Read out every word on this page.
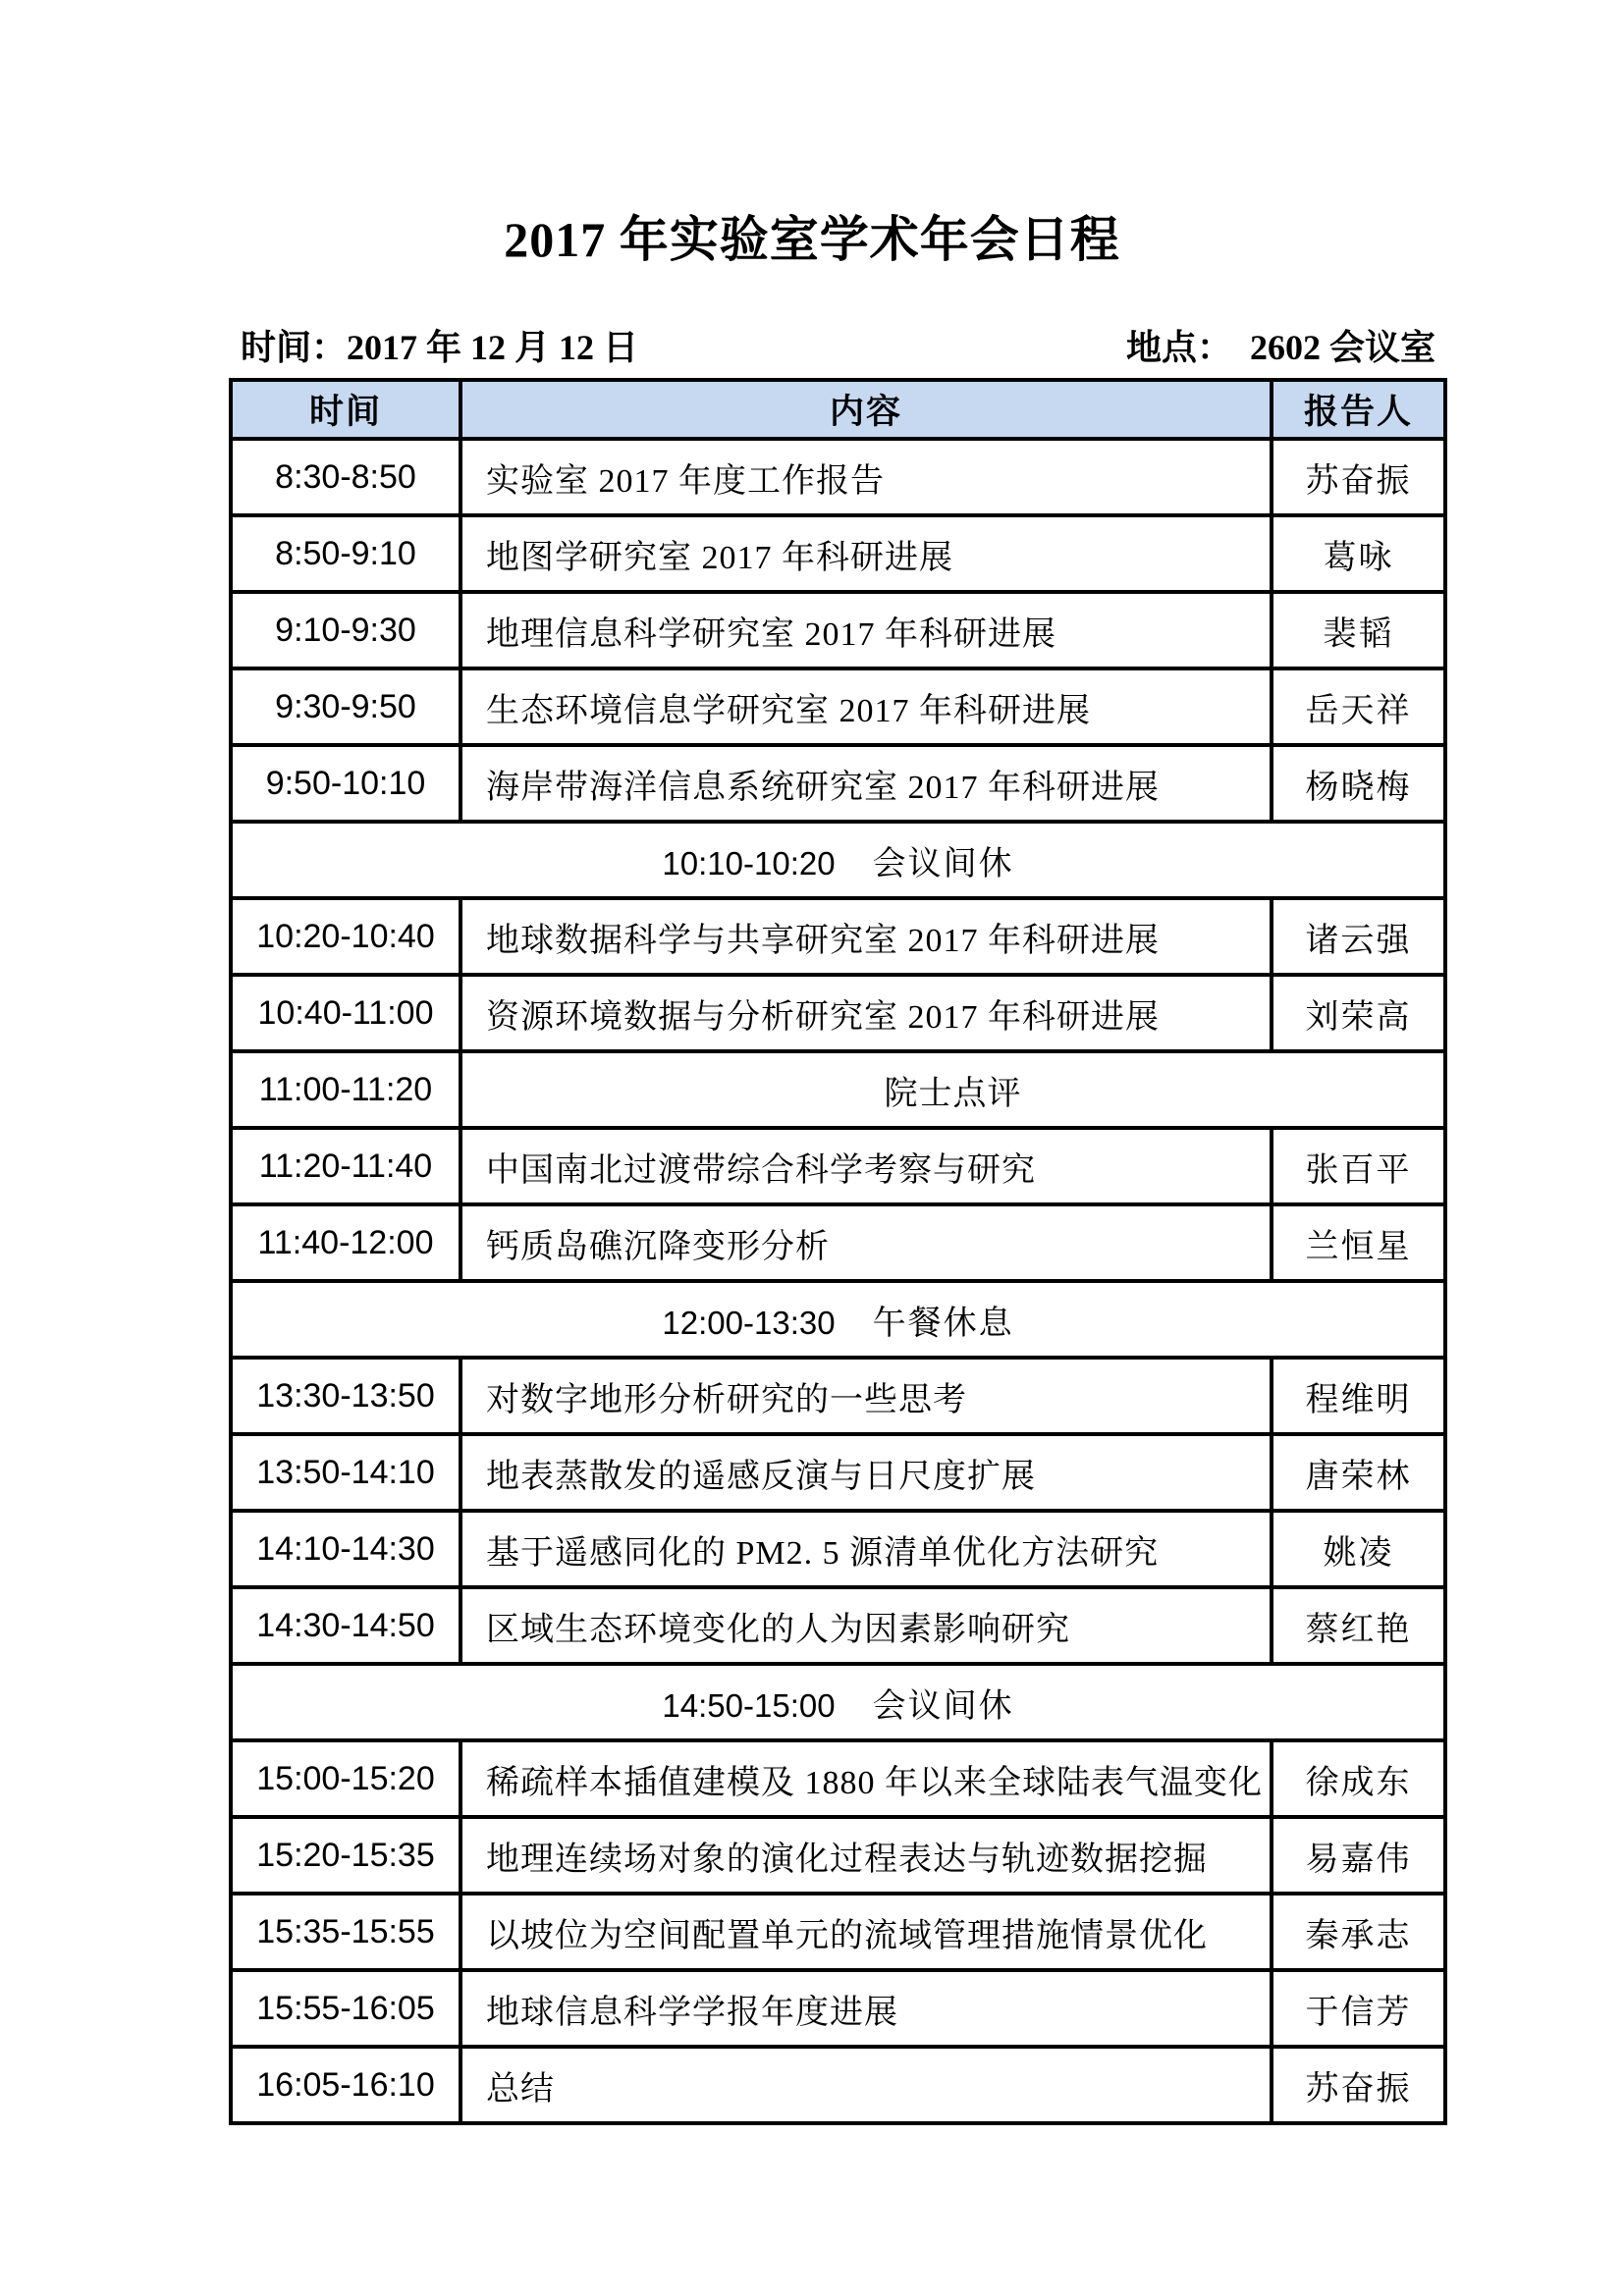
2017 年实验室学术年会日程
时间：2017 年 12 月 12 日	地点：  2602 会议室
时间	内容	报告人
8:30-8:50	实验室 2017 年度工作报告	苏奋振
8:50-9:10	地图学研究室 2017 年科研进展	葛咏
9:10-9:30	地理信息科学研究室 2017 年科研进展	裴韬
9:30-9:50	生态环境信息学研究室 2017 年科研进展	岳天祥
9:50-10:10	海岸带海洋信息系统研究室 2017 年科研进展	杨晓梅
10:10-10:20 会议间休		
10:20-10:40	地球数据科学与共享研究室 2017 年科研进展	诸云强
10:40-11:00	资源环境数据与分析研究室 2017 年科研进展	刘荣高
11:00-11:20	院士点评	
11:20-11:40	中国南北过渡带综合科学考察与研究	张百平
11:40-12:00	钙质岛礁沉降变形分析	兰恒星
12:00-13:30 午餐休息		
13:30-13:50	对数字地形分析研究的一些思考	程维明
13:50-14:10	地表蒸散发的遥感反演与日尺度扩展	唐荣林
14:10-14:30	基于遥感同化的 PM2. 5 源清单优化方法研究	姚凌
14:30-14:50	区域生态环境变化的人为因素影响研究	蔡红艳
14:50-15:00 会议间休		
15:00-15:20	稀疏样本插值建模及 1880 年以来全球陆表气温变化	徐成东
15:20-15:35	地理连续场对象的演化过程表达与轨迹数据挖掘	易嘉伟
15:35-15:55	以坡位为空间配置单元的流域管理措施情景优化	秦承志
15:55-16:05	地球信息科学学报年度进展	于信芳
16:05-16:10	总结	苏奋振
